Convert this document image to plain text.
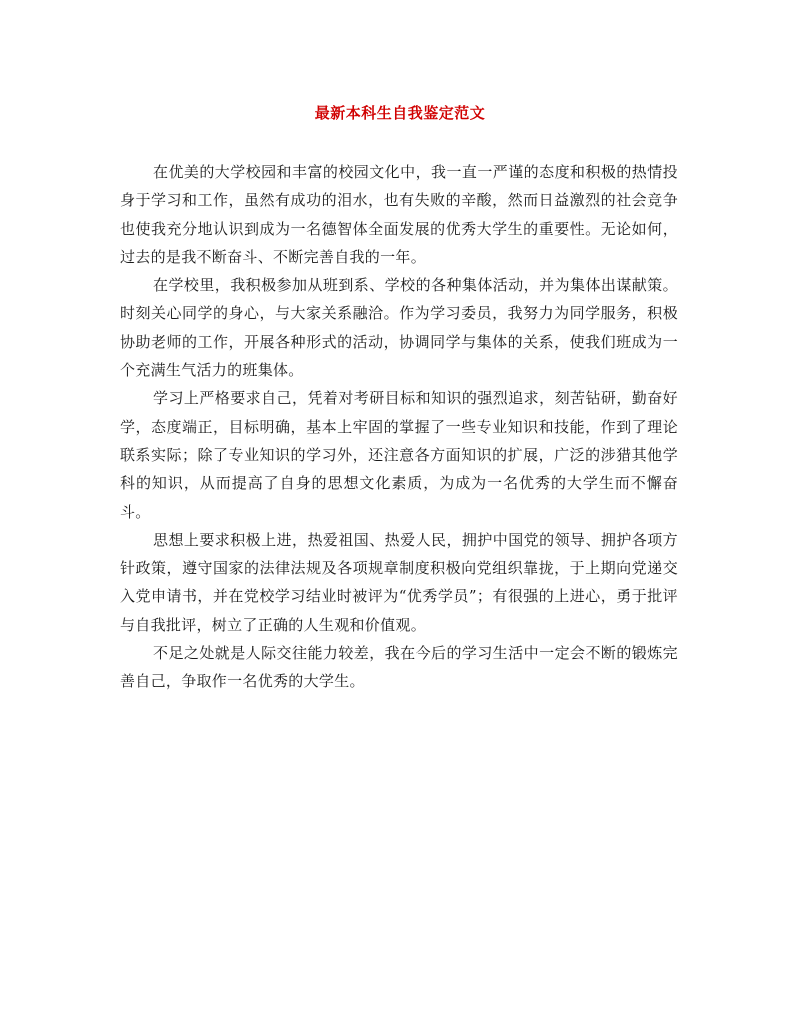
最新本科生自我鉴定范文

在优美的大学校园和丰富的校园文化中，我一直一严谨的态度和积极的热情投身于学习和工作，虽然有成功的泪水，也有失败的辛酸，然而日益激烈的社会竞争也使我充分地认识到成为一名德智体全面发展的优秀大学生的重要性。无论如何，过去的是我不断奋斗、不断完善自我的一年。

在学校里，我积极参加从班到系、学校的各种集体活动，并为集体出谋献策。时刻关心同学的身心，与大家关系融洽。作为学习委员，我努力为同学服务，积极协助老师的工作，开展各种形式的活动，协调同学与集体的关系，使我们班成为一个充满生气活力的班集体。

学习上严格要求自己，凭着对考研目标和知识的强烈追求，刻苦钻研，勤奋好学，态度端正，目标明确，基本上牢固的掌握了一些专业知识和技能，作到了理论联系实际；除了专业知识的学习外，还注意各方面知识的扩展，广泛的涉猎其他学科的知识，从而提高了自身的思想文化素质，为成为一名优秀的大学生而不懈奋斗。

思想上要求积极上进，热爱祖国、热爱人民，拥护中国党的领导、拥护各项方针政策，遵守国家的法律法规及各项规章制度积极向党组织靠拢，于上期向党递交入党申请书，并在党校学习结业时被评为“优秀学员”；有很强的上进心，勇于批评与自我批评，树立了正确的人生观和价值观。

不足之处就是人际交往能力较差，我在今后的学习生活中一定会不断的锻炼完善自己，争取作一名优秀的大学生。
